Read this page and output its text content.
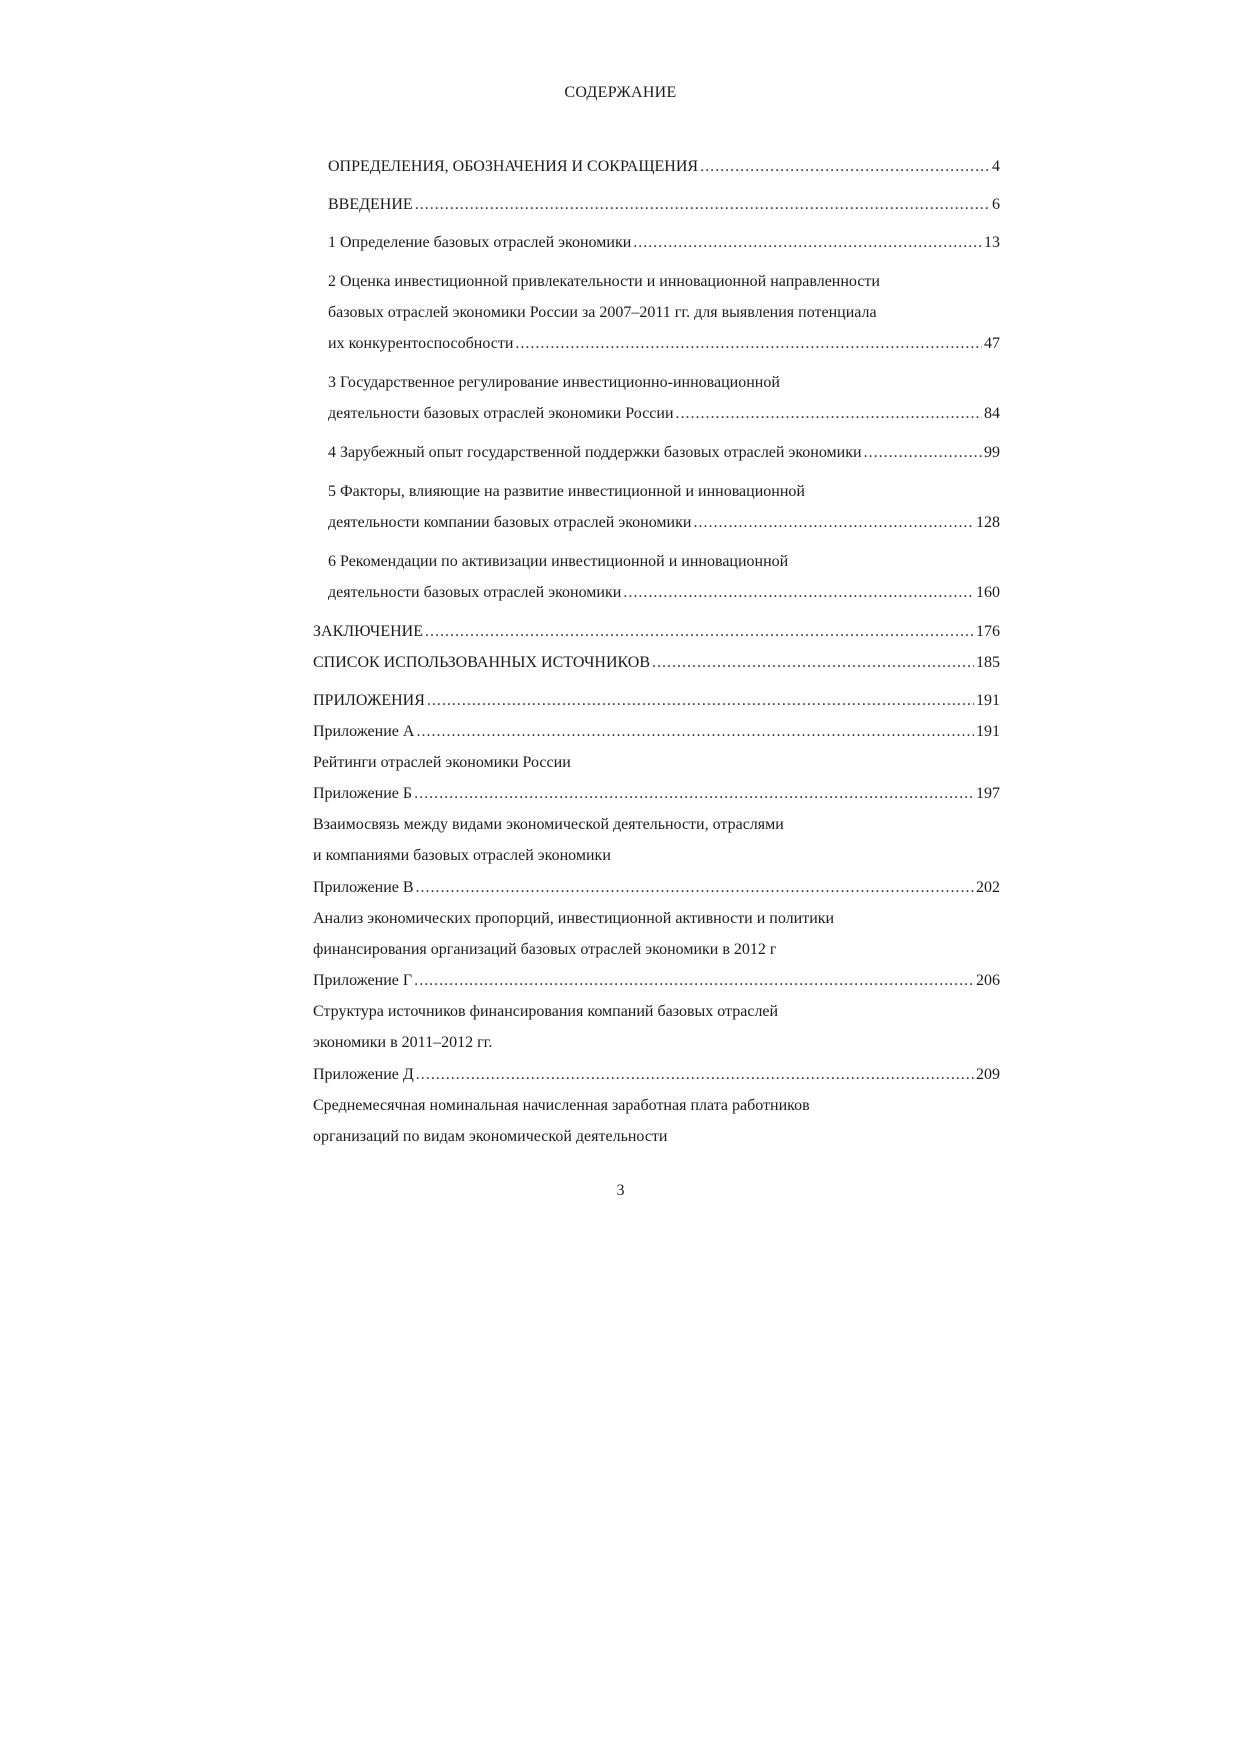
СОДЕРЖАНИЕ
ОПРЕДЕЛЕНИЯ, ОБОЗНАЧЕНИЯ И СОКРАЩЕНИЯ .....	4
ВВЕДЕНИЕ .....	6
1 Определение базовых отраслей экономики .....	13
2 Оценка инвестиционной привлекательности и инновационной направленности
базовых отраслей экономики России за 2007–2011 гг. для выявления потенциала
их конкурентоспособности .....	47
3 Государственное регулирование инвестиционно-инновационной
деятельности базовых отраслей экономики России .....	84
4 Зарубежный опыт государственной поддержки базовых отраслей экономики .....	99
5 Факторы, влияющие на развитие инвестиционной и инновационной
деятельности компании базовых отраслей экономики .....	128
6 Рекомендации по активизации инвестиционной и инновационной
деятельности базовых отраслей экономики .....	160
ЗАКЛЮЧЕНИЕ .....	176
СПИСОК ИСПОЛЬЗОВАННЫХ ИСТОЧНИКОВ .....	185
ПРИЛОЖЕНИЯ .....	191
Приложение А .....	191
Рейтинги отраслей экономики России
Приложение Б .....	197
Взаимосвязь между видами экономической деятельности, отраслями
и компаниями базовых отраслей экономики
Приложение В .....	202
Анализ экономических пропорций, инвестиционной активности и политики
финансирования организаций базовых отраслей экономики в 2012 г
Приложение Г .....	206
Структура источников финансирования компаний базовых отраслей
экономики в 2011–2012 гг.
Приложение Д .....	209
Среднемесячная номинальная начисленная заработная плата работников
организаций по видам экономической деятельности
3
